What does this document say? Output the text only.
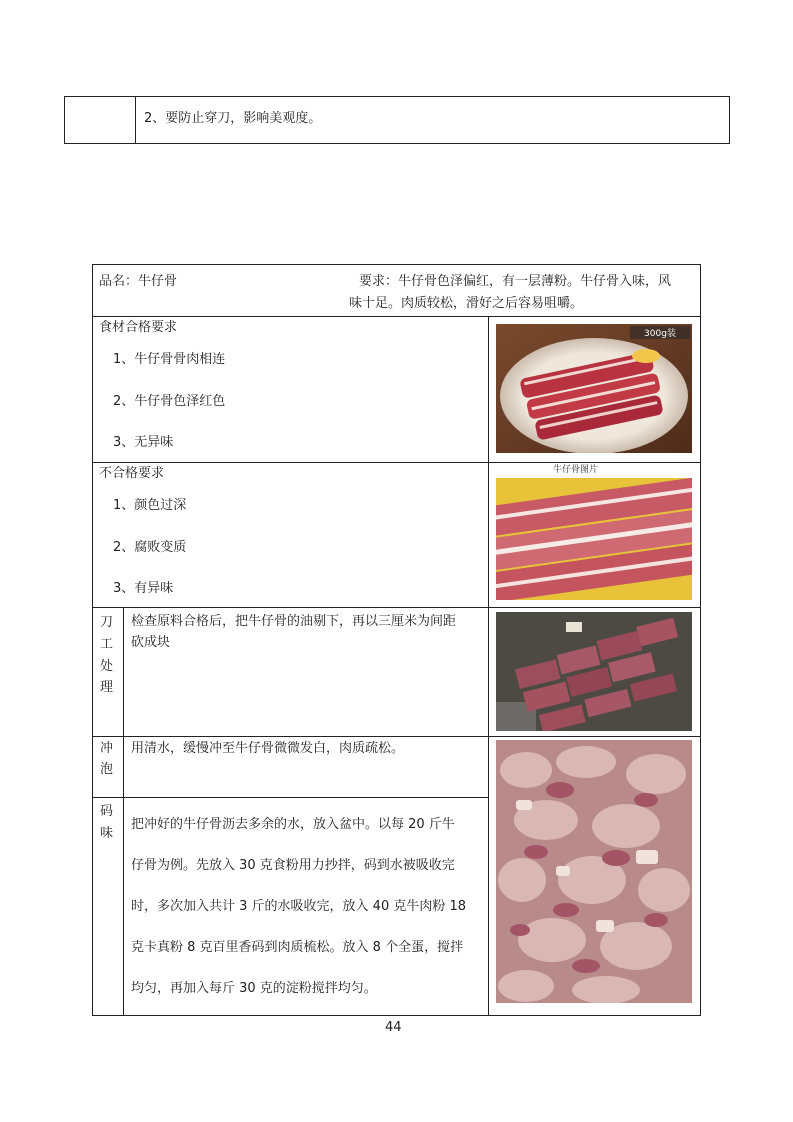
2、要防止穿刀，影响美观度。
品名：牛仔骨	要求：牛仔骨色泽偏红，有一层薄粉。牛仔骨入味，风
味十足。肉质较松，滑好之后容易咀嚼。
食材合格要求
1、牛仔骨骨肉相连
2、牛仔骨色泽红色
3、无异味
300g装
不合格要求
1、颜色过深
2、腐败变质
3、有异味
牛仔骨图片
刀
工
处
理
检查原料合格后，把牛仔骨的油剔下，再以三厘米为间距
砍成块
冲
泡
用清水，缓慢冲至牛仔骨微微发白，肉质疏松。
码
味
把冲好的牛仔骨沥去多余的水，放入盆中。以每 20 斤牛
仔骨为例。先放入 30 克食粉用力抄拌，码到水被吸收完
时，多次加入共计 3 斤的水吸收完，放入 40 克牛肉粉 18
克卡真粉 8 克百里香码到肉质梳松。放入 8 个全蛋，搅拌
均匀，再加入每斤 30 克的淀粉搅拌均匀。
44
